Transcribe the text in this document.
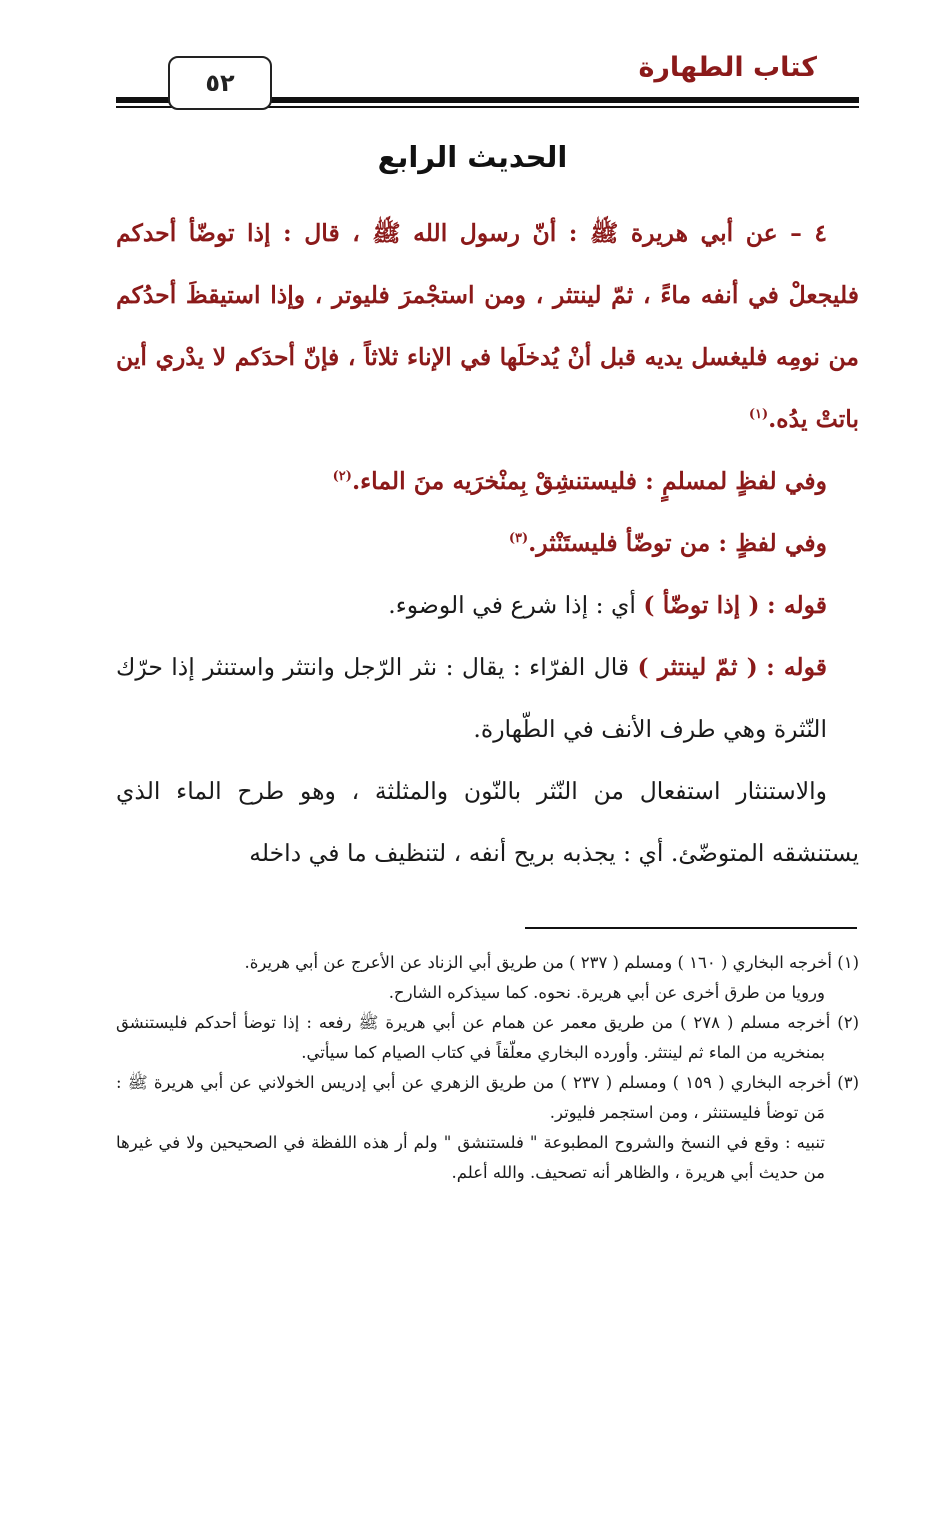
كتاب الطهارة
٥٢
الحديث الرابع

٤ – عن أبي هريرة ﷺ : أنّ رسول الله ﷺ ، قال : إذا توضّأ أحدكم فليجعلْ في أنفه ماءً ، ثمّ لينتثر ، ومن استجْمرَ فليوتر ، وإذا استيقظَ أحدُكم من نومِه فليغسل يديه قبل أنْ يُدخلَها في الإناء ثلاثاً ، فإنّ أحدَكم لا يدْري أين باتتْ يدُه.$^{(١)}$

وفي لفظٍ لمسلمٍ : فليستنشِقْ بِمنْخرَيه منَ الماء.$^{(٢)}$

وفي لفظٍ : من توضّأ فليستَنْثر.$^{(٣)}$

قوله : ( إذا توضّأ ) أي : إذا شرع في الوضوء.

قوله : ( ثمّ لينتثر ) قال الفرّاء : يقال : نثر الرّجل وانتثر واستنثر إذا حرّك النّثرة وهي طرف الأنف في الطّهارة.

والاستنثار استفعال من النّثر بالنّون والمثلثة ، وهو طرح الماء الذي يستنشقه المتوضّئ. أي : يجذبه بريح أنفه ، لتنظيف ما في داخله

(١) أخرجه البخاري ( ١٦٠ ) ومسلم ( ٢٣٧ ) من طريق أبي الزناد عن الأعرج عن أبي هريرة.

ورويا من طرق أخرى عن أبي هريرة. نحوه. كما سيذكره الشارح.

(٢) أخرجه مسلم ( ٢٧٨ ) من طريق معمر عن همام عن أبي هريرة ﷺ رفعه : إذا توضأ أحدكم فليستنشق بمنخريه من الماء ثم لينتثر. وأورده البخاري معلّقاً في كتاب الصيام كما سيأتي.

(٣) أخرجه البخاري ( ١٥٩ ) ومسلم ( ٢٣٧ ) من طريق الزهري عن أبي إدريس الخولاني عن أبي هريرة ﷺ : مَن توضأ فليستنثر ، ومن استجمر فليوتر.

تنبيه : وقع في النسخ والشروح المطبوعة " فلستنشق " ولم أر هذه اللفظة في الصحيحين ولا في غيرها من حديث أبي هريرة ، والظاهر أنه تصحيف. والله أعلم.
